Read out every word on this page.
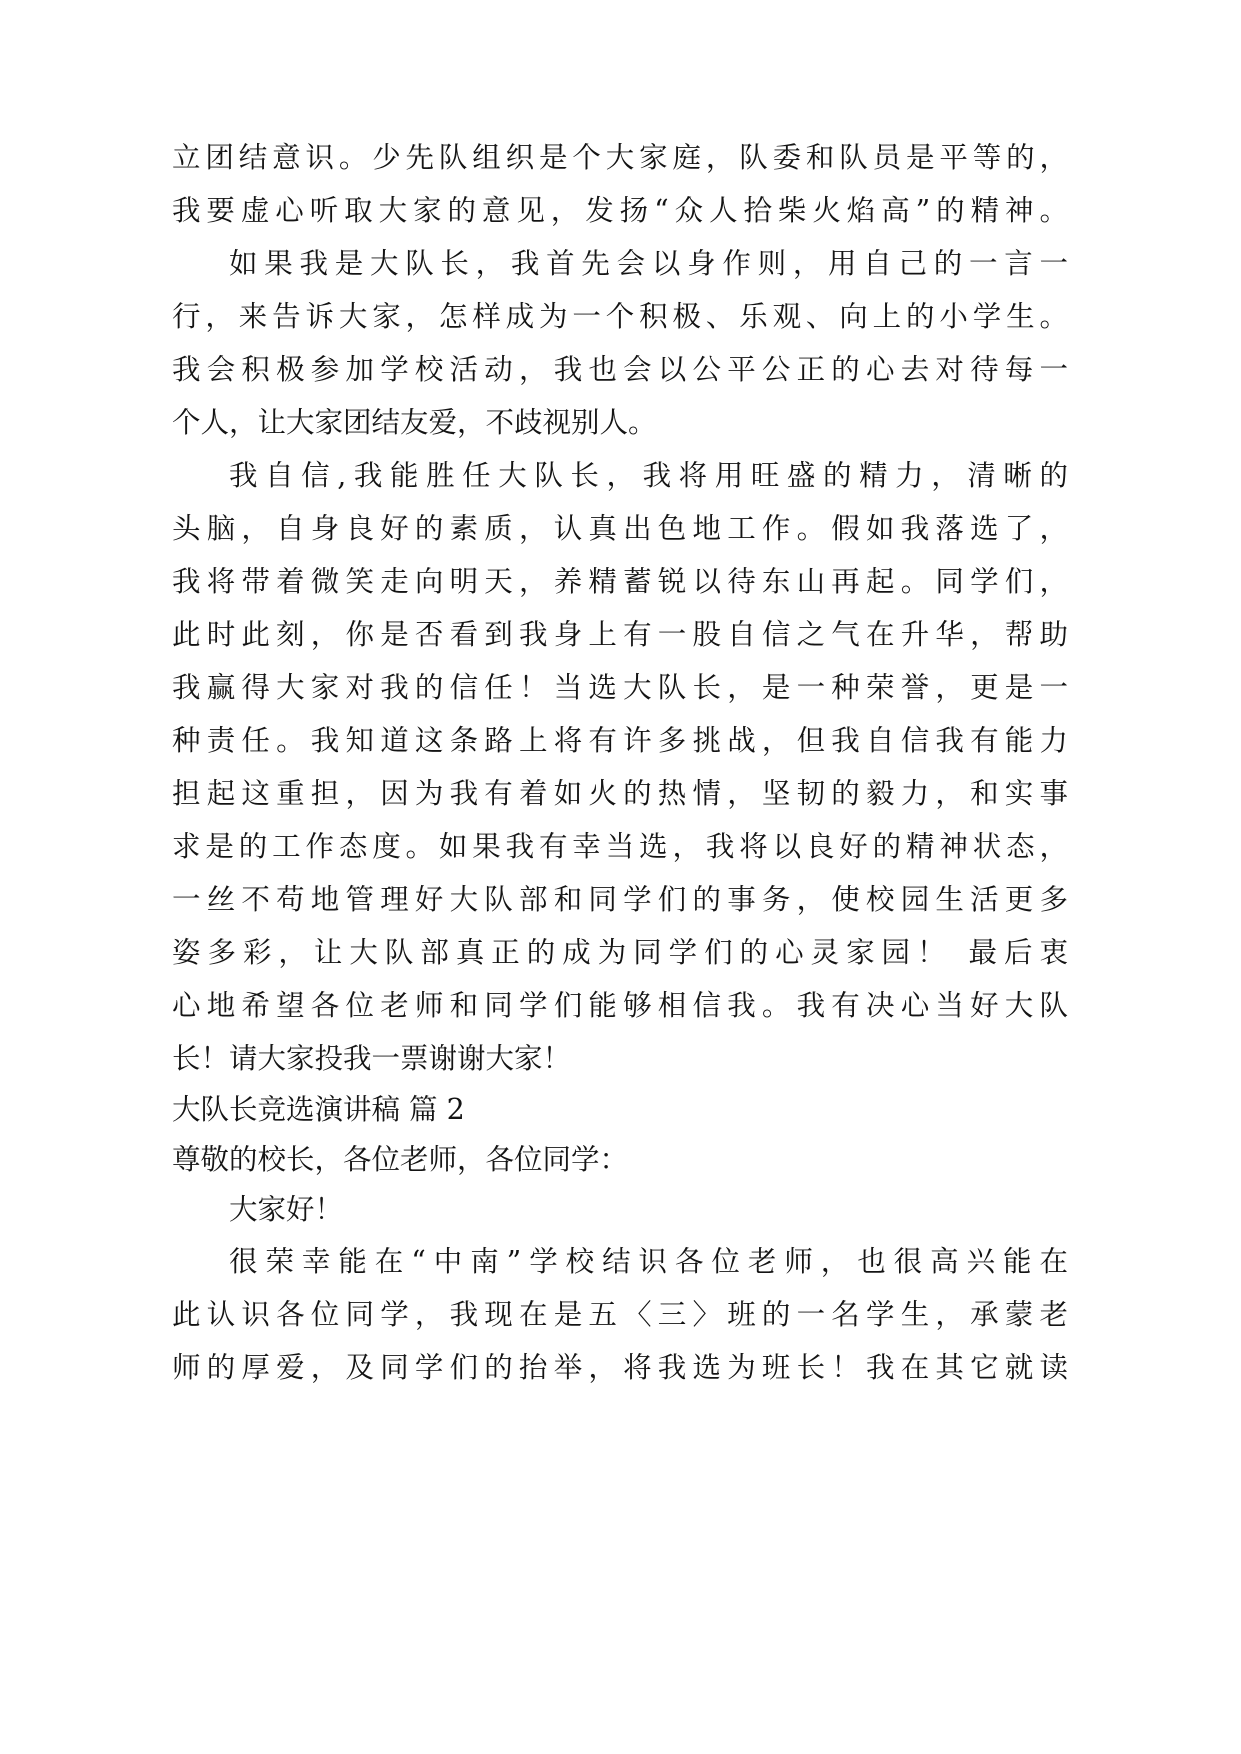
立团结意识。少先队组织是个大家庭，队委和队员是平等的，
我要虚心听取大家的意见，发扬“众人拾柴火焰高”的精神。
如果我是大队长，我首先会以身作则，用自己的一言一
行，来告诉大家，怎样成为一个积极、乐观、向上的小学生。
我会积极参加学校活动，我也会以公平公正的心去对待每一
个人，让大家团结友爱，不歧视别人。
我自信,我能胜任大队长，我将用旺盛的精力，清晰的
头脑，自身良好的素质，认真出色地工作。假如我落选了，
我将带着微笑走向明天，养精蓄锐以待东山再起。同学们，
此时此刻，你是否看到我身上有一股自信之气在升华，帮助
我赢得大家对我的信任！当选大队长，是一种荣誉，更是一
种责任。我知道这条路上将有许多挑战，但我自信我有能力
担起这重担，因为我有着如火的热情，坚韧的毅力，和实事
求是的工作态度。如果我有幸当选，我将以良好的精神状态，
一丝不苟地管理好大队部和同学们的事务，使校园生活更多
姿多彩，让大队部真正的成为同学们的心灵家园！ 最后衷
心地希望各位老师和同学们能够相信我。我有决心当好大队
长！请大家投我一票谢谢大家！
大队长竞选演讲稿 篇 2
尊敬的校长，各位老师，各位同学：
大家好！
很荣幸能在“中南”学校结识各位老师，也很高兴能在
此认识各位同学，我现在是五〈三〉班的一名学生，承蒙老
师的厚爱，及同学们的抬举，将我选为班长！我在其它就读
